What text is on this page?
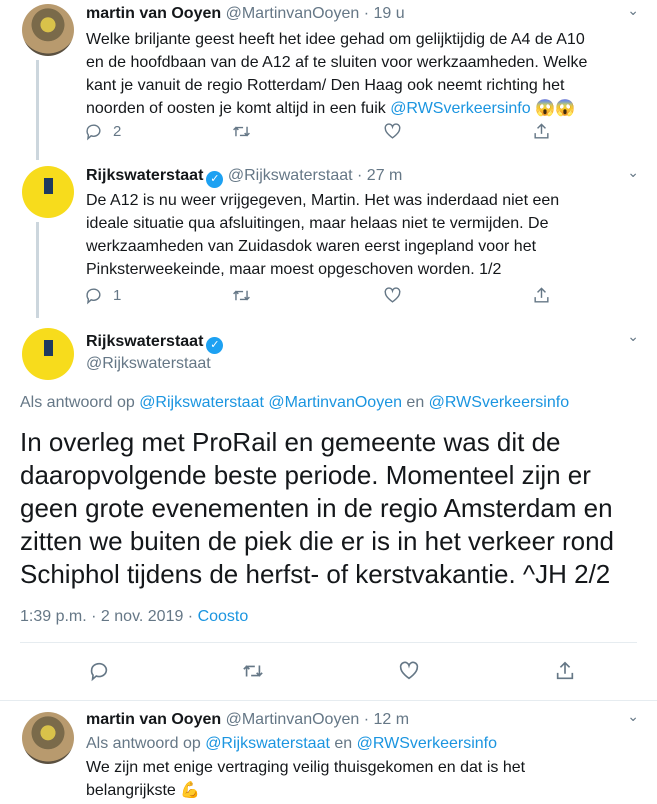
martin van Ooyen @MartinvanOoyen · 19 u	⌄
Welke briljante geest heeft het idee gehad om gelijktijdig de A4 de A10
en de hoofdbaan van de A12 af te sluiten voor werkzaamheden. Welke
kant je vanuit de regio Rotterdam/ Den Haag ook neemt richting het
noorden of oosten je komt altijd in een fuik @RWSverkeersinfo 😱😱
2
Rijkswaterstaat ✓ @Rijkswaterstaat · 27 m	⌄
De A12 is nu weer vrijgegeven, Martin. Het was inderdaad niet een
ideale situatie qua afsluitingen, maar helaas niet te vermijden. De
werkzaamheden van Zuidasdok waren eerst ingepland voor het
Pinksterweekeinde, maar moest opgeschoven worden. 1/2
1
Rijkswaterstaat ✓
@Rijkswaterstaat
⌄
Als antwoord op @Rijkswaterstaat @MartinvanOoyen en @RWSverkeersinfo
In overleg met ProRail en gemeente was dit de
daaropvolgende beste periode. Momenteel zijn er
geen grote evenementen in de regio Amsterdam en
zitten we buiten de piek die er is in het verkeer rond
Schiphol tijdens de herfst- of kerstvakantie. ^JH 2/2
1:39 p.m. · 2 nov. 2019 · Coosto
martin van Ooyen @MartinvanOoyen · 12 m	⌄
Als antwoord op @Rijkswaterstaat en @RWSverkeersinfo
We zijn met enige vertraging veilig thuisgekomen en dat is het
belangrijkste 💪
